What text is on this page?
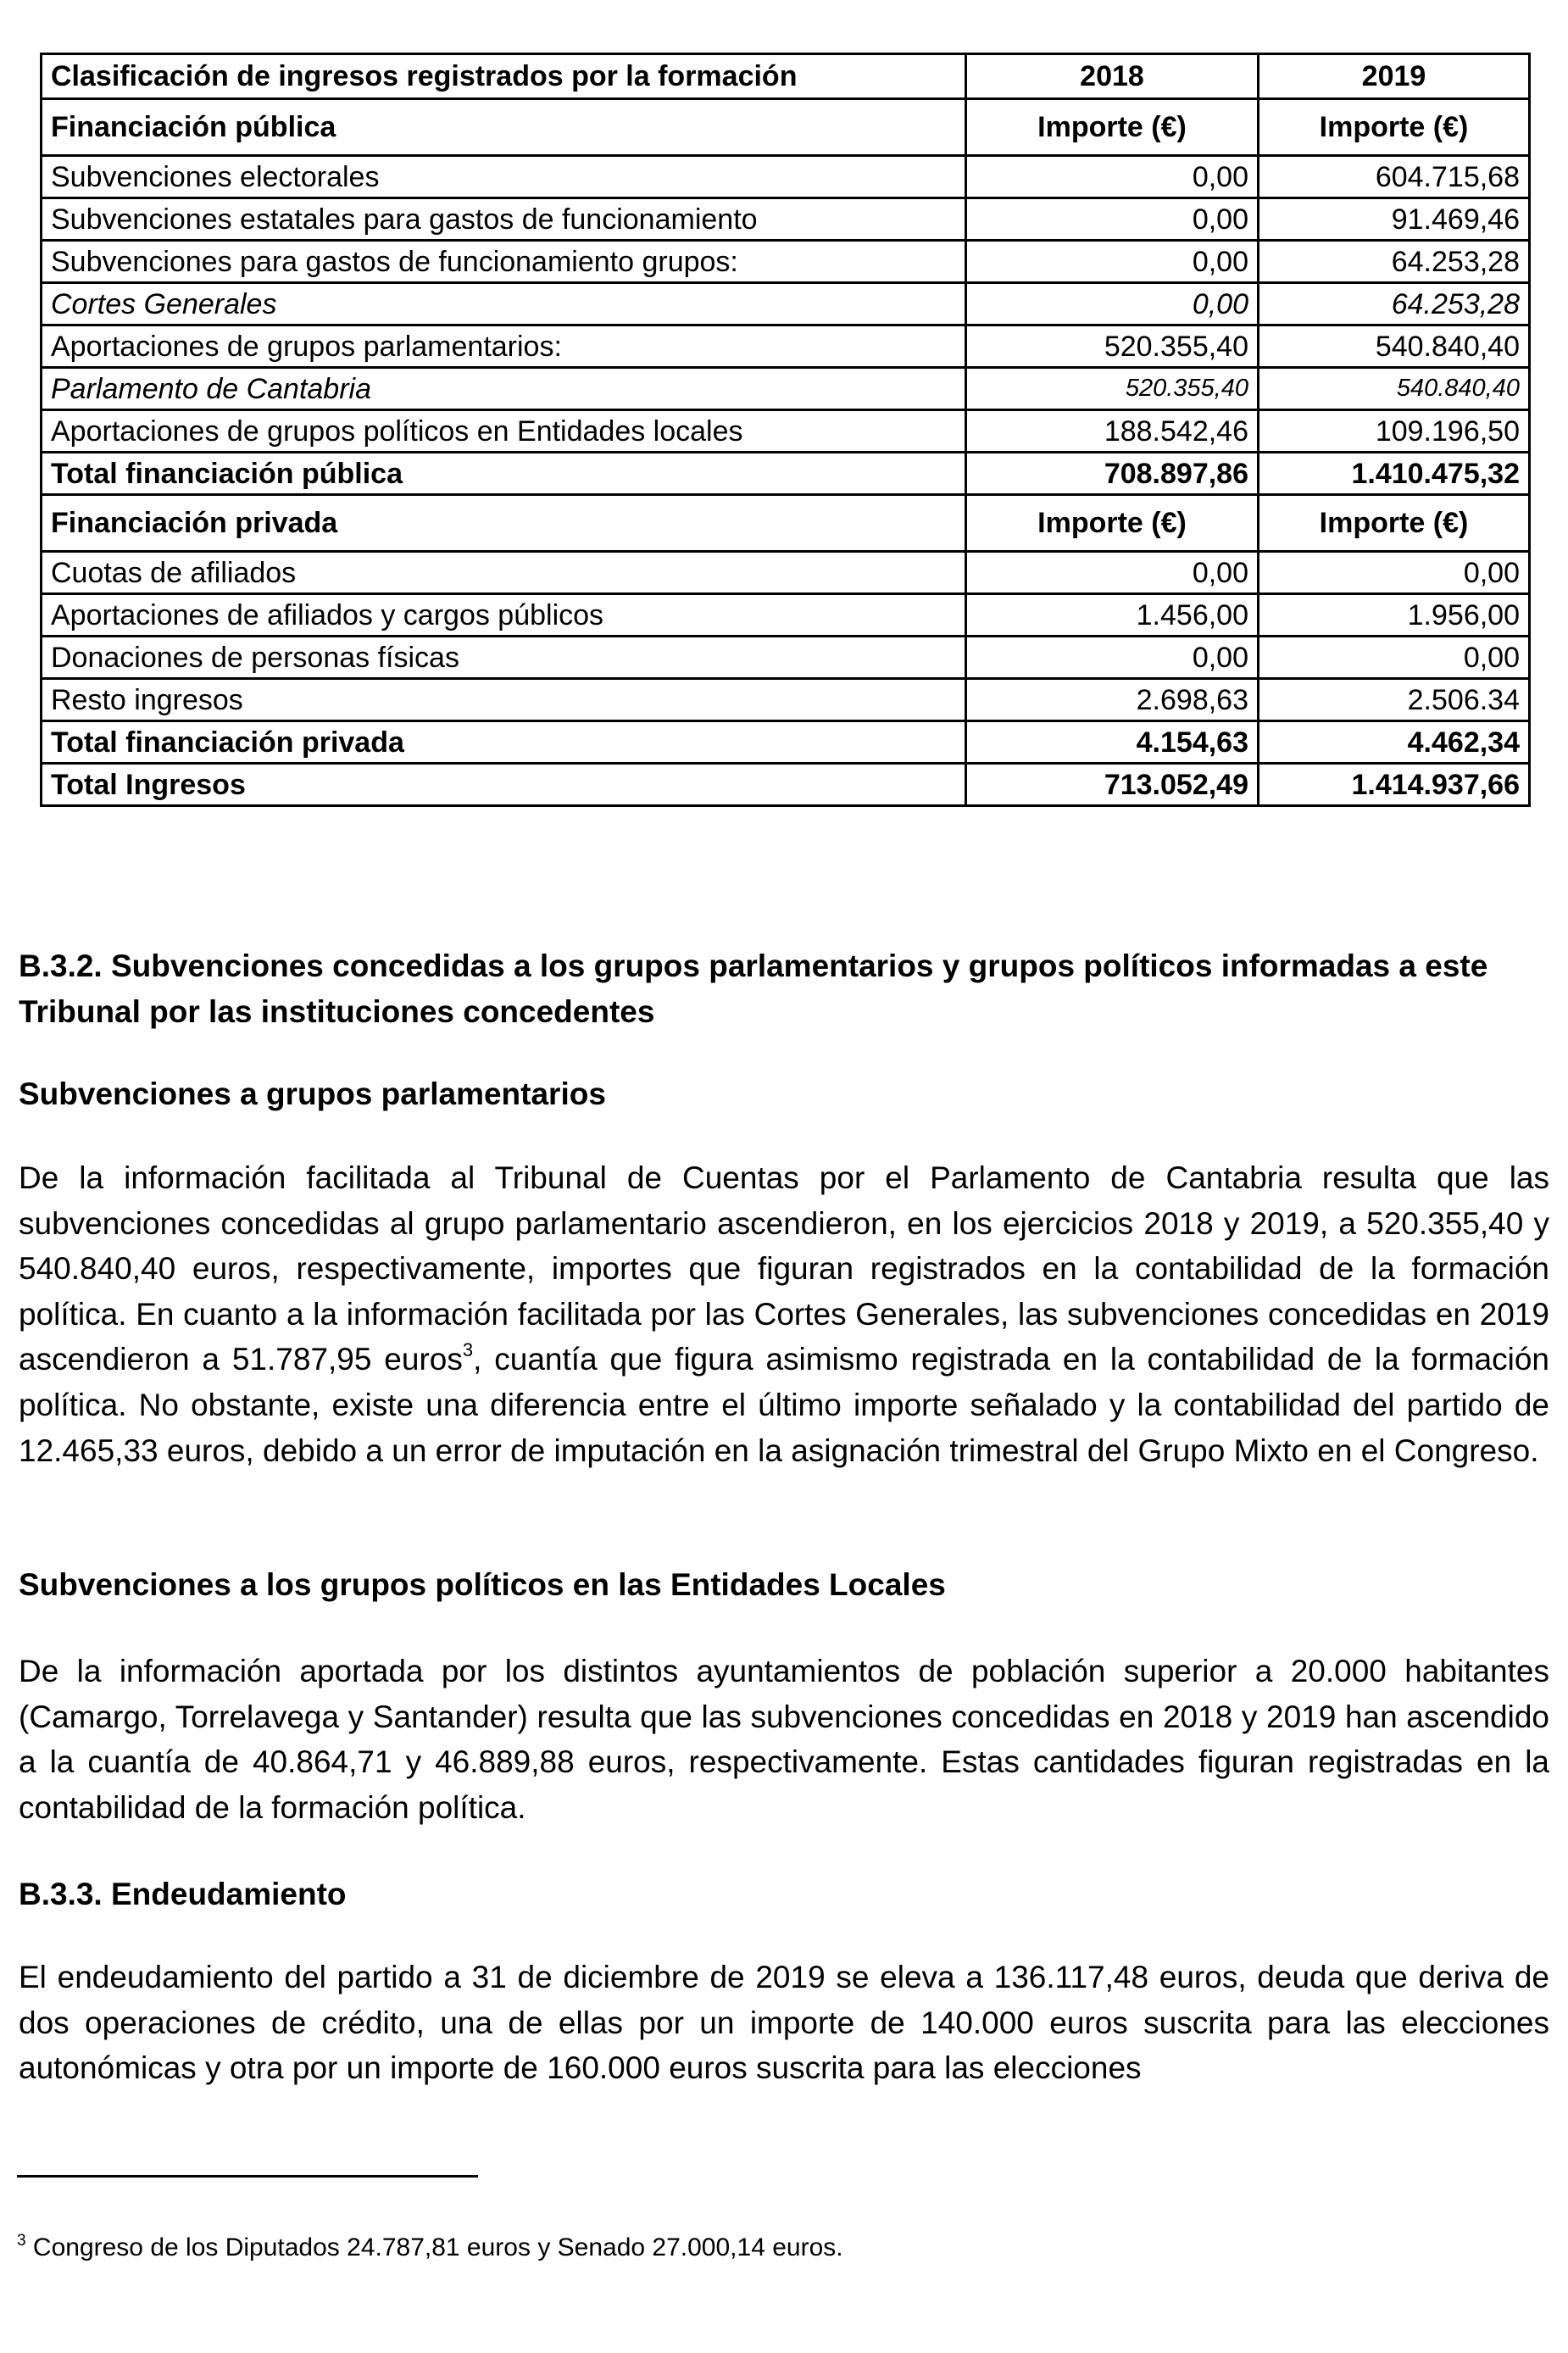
Clasificación de ingresos registrados por la formación	2018	2019
Financiación pública	Importe (€)	Importe (€)
Subvenciones electorales	0,00	604.715,68
Subvenciones estatales para gastos de funcionamiento	0,00	91.469,46
Subvenciones para gastos de funcionamiento grupos:	0,00	64.253,28
Cortes Generales	0,00	64.253,28
Aportaciones de grupos parlamentarios:	520.355,40	540.840,40
Parlamento de Cantabria	520.355,40	540.840,40
Aportaciones de grupos políticos en Entidades locales	188.542,46	109.196,50
Total financiación pública	708.897,86	1.410.475,32
Financiación privada	Importe (€)	Importe (€)
Cuotas de afiliados	0,00	0,00
Aportaciones de afiliados y cargos públicos	1.456,00	1.956,00
Donaciones de personas físicas	0,00	0,00
Resto ingresos	2.698,63	2.506.34
Total financiación privada	4.154,63	4.462,34
Total Ingresos	713.052,49	1.414.937,66
B.3.2. Subvenciones concedidas a los grupos parlamentarios y grupos políticos informadas a este Tribunal por las instituciones concedentes
Subvenciones a grupos parlamentarios
De la información facilitada al Tribunal de Cuentas por el Parlamento de Cantabria resulta que las subvenciones concedidas al grupo parlamentario ascendieron, en los ejercicios 2018 y 2019, a 520.355,40 y 540.840,40 euros, respectivamente, importes que figuran registrados en la contabilidad de la formación política. En cuanto a la información facilitada por las Cortes Generales, las subvenciones concedidas en 2019 ascendieron a 51.787,95 euros$^3$, cuantía que figura asimismo registrada en la contabilidad de la formación política. No obstante, existe una diferencia entre el último importe señalado y la contabilidad del partido de 12.465,33 euros, debido a un error de imputación en la asignación trimestral del Grupo Mixto en el Congreso.
Subvenciones a los grupos políticos en las Entidades Locales
De la información aportada por los distintos ayuntamientos de población superior a 20.000 habitantes (Camargo, Torrelavega y Santander) resulta que las subvenciones concedidas en 2018 y 2019 han ascendido a la cuantía de 40.864,71 y 46.889,88 euros, respectivamente. Estas cantidades figuran registradas en la contabilidad de la formación política.
B.3.3. Endeudamiento
El endeudamiento del partido a 31 de diciembre de 2019 se eleva a 136.117,48 euros, deuda que deriva de dos operaciones de crédito, una de ellas por un importe de 140.000 euros suscrita para las elecciones autonómicas y otra por un importe de 160.000 euros suscrita para las elecciones
$^3$ Congreso de los Diputados 24.787,81 euros y Senado 27.000,14 euros.
